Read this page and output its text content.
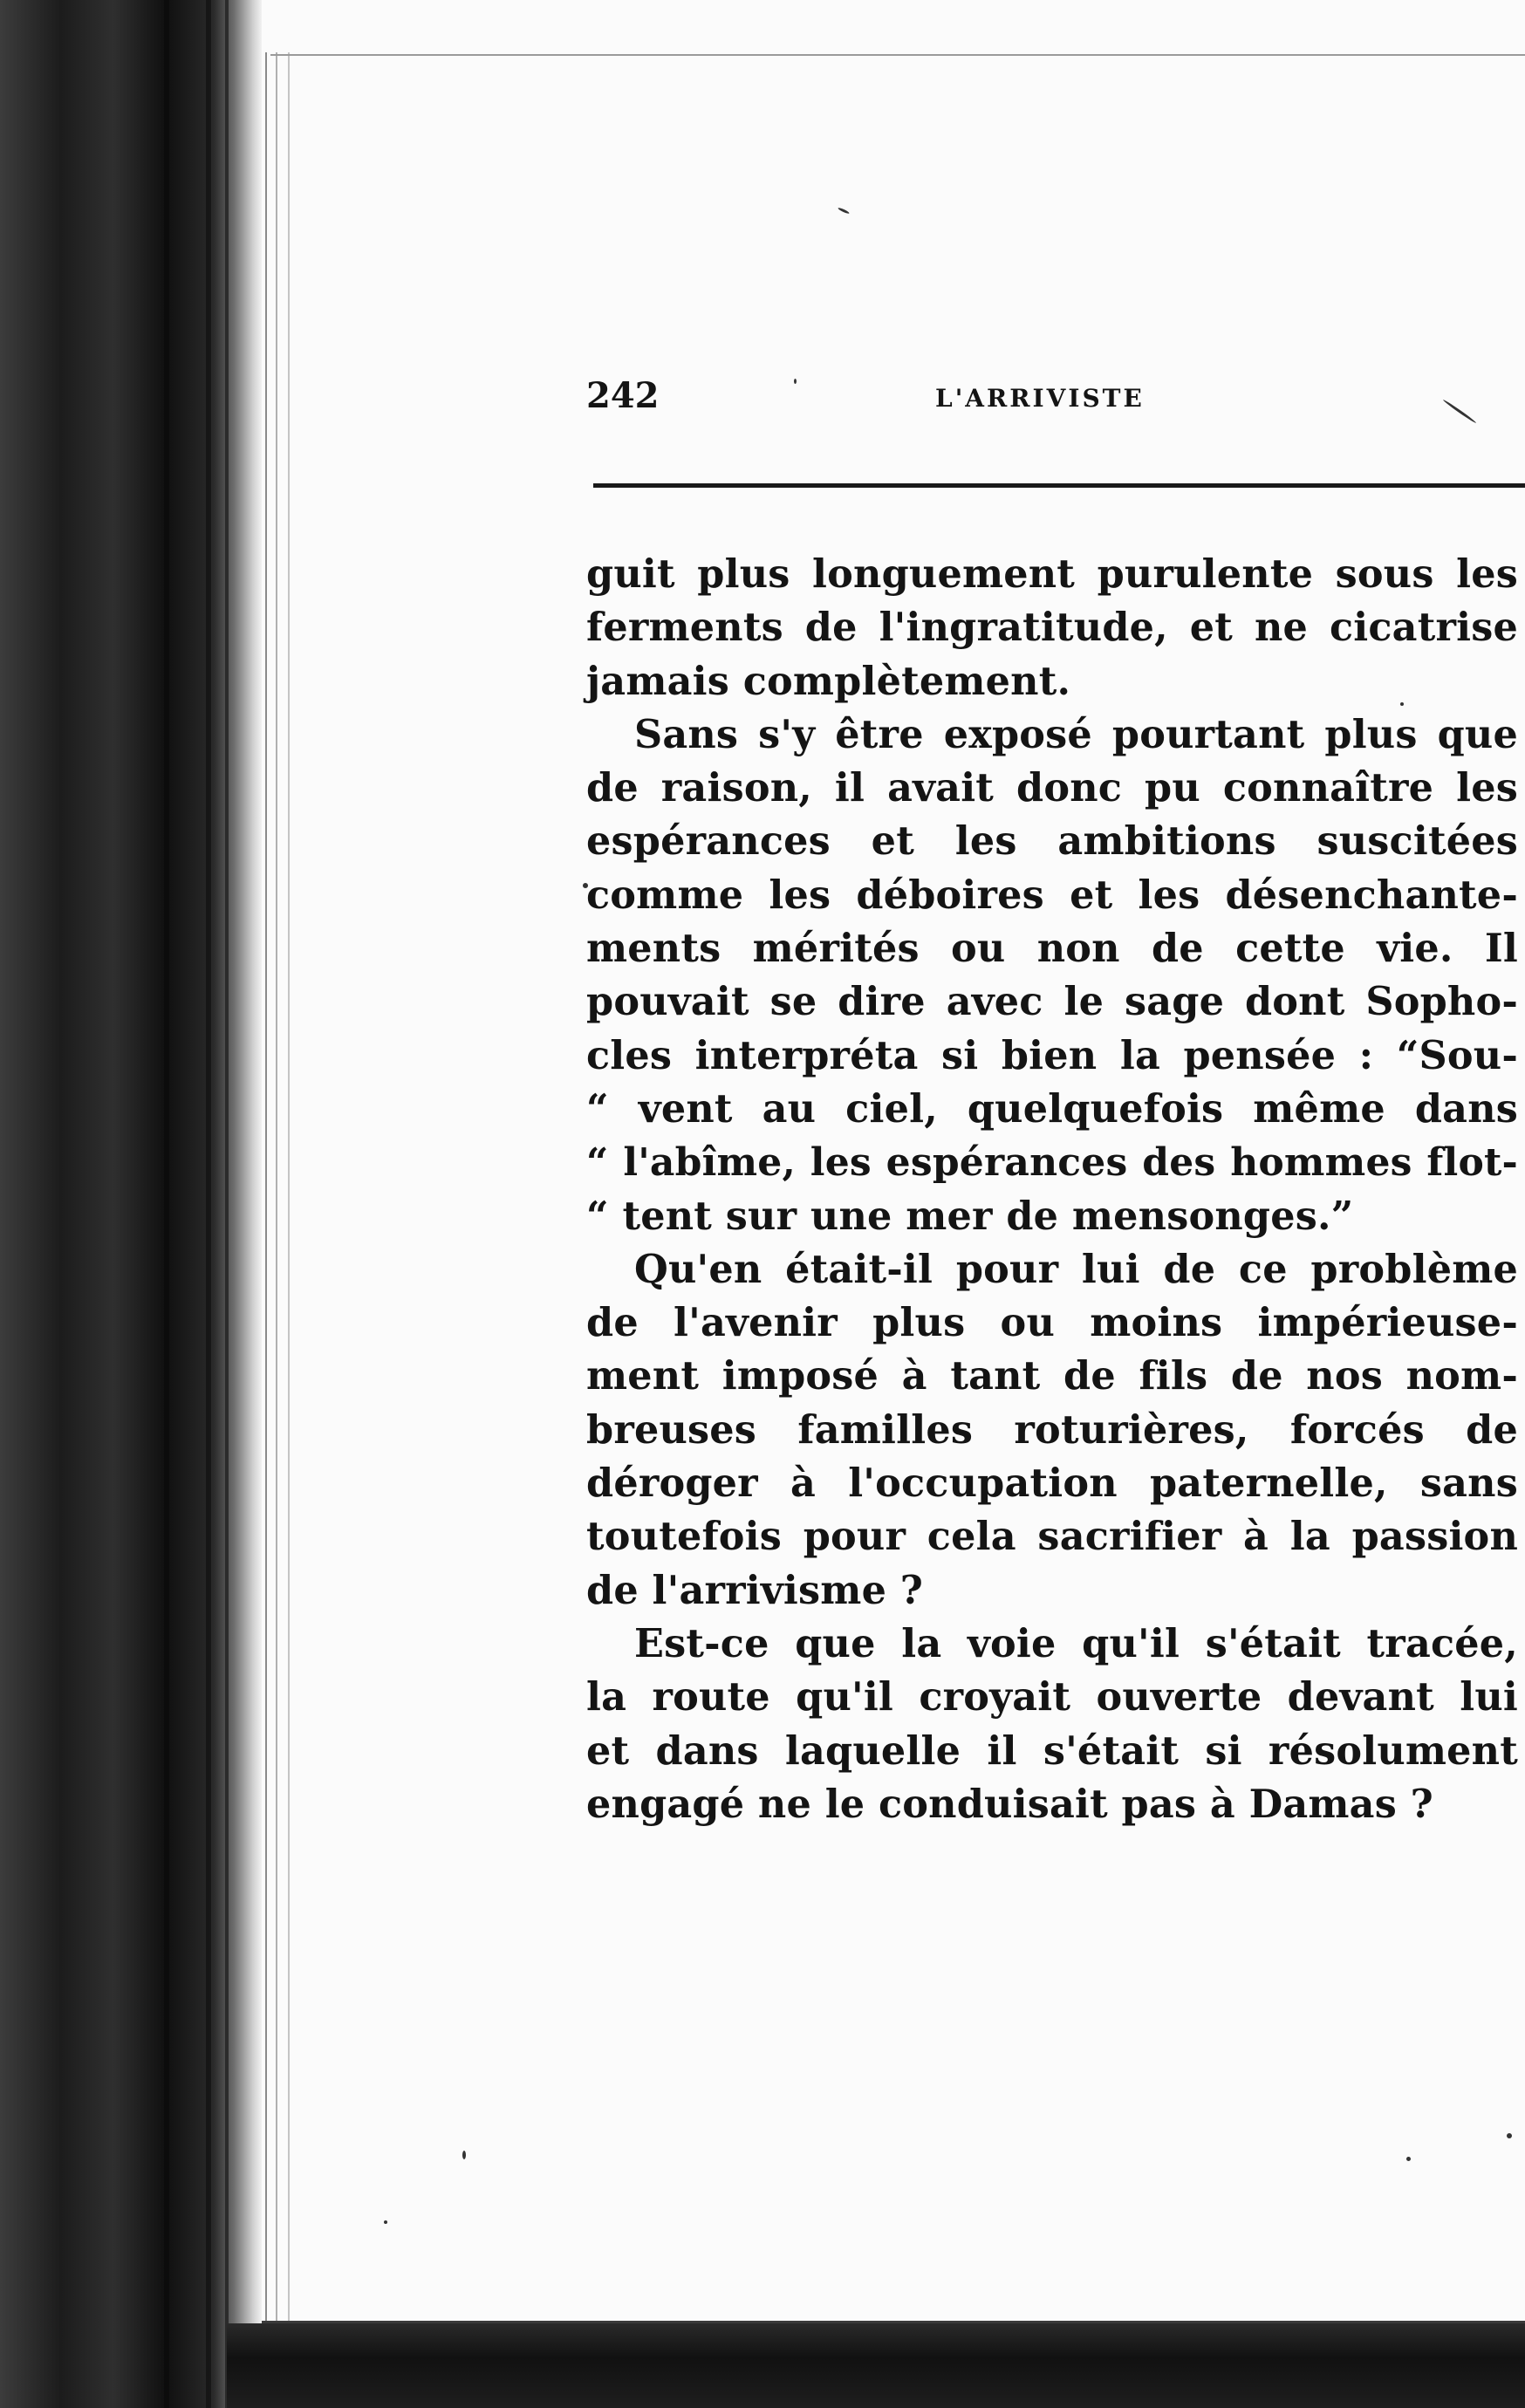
242	L'ARRIVISTE
guit plus longuement purulente sous les
ferments de l'ingratitude, et ne cicatrise
jamais complètement.
Sans s'y être exposé pourtant plus que
de raison, il avait donc pu connaître les
espérances et les ambitions suscitées
comme les déboires et les désenchante-
ments mérités ou non de cette vie. Il
pouvait se dire avec le sage dont Sopho-
cles interpréta si bien la pensée : “Sou-
“ vent au ciel, quelquefois même dans
“ l'abîme, les espérances des hommes flot-
“ tent sur une mer de mensonges.”
Qu'en était-il pour lui de ce problème
de l'avenir plus ou moins impérieuse-
ment imposé à tant de fils de nos nom-
breuses familles roturières, forcés de
déroger à l'occupation paternelle, sans
toutefois pour cela sacrifier à la passion
de l'arrivisme ?
Est-ce que la voie qu'il s'était tracée,
la route qu'il croyait ouverte devant lui
et dans laquelle il s'était si résolument
engagé ne le conduisait pas à Damas ?
